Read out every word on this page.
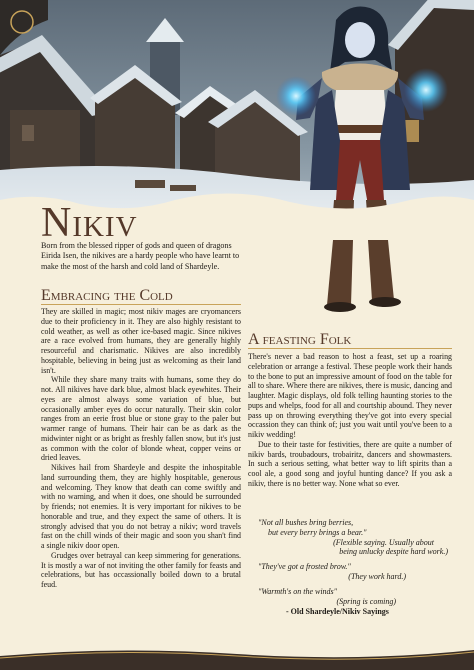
Nikiv

Born from the blessed ripper of gods and queen of dragons Eirida Isen, the nikives are a hardy people who have learnt to make the most of the harsh and cold land of Shardeyle.

Embracing the Cold

They are skilled in magic; most nikiv mages are cryomancers due to their proficiency in it. They are also highly resistant to cold weather, as well as other ice-based magic. Since nikives are a race evolved from humans, they are generally highly resourceful and charismatic. Nikives are also incredibly hospitable, believing in being just as welcoming as their land isn't.

While they share many traits with humans, some they do not. All nikives have dark blue, almost black eyewhites. Their eyes are almost always some variation of blue, but occasionally amber eyes do occur naturally. Their skin color ranges from an eerie frost blue or stone gray to the paler but warmer range of humans. Their hair can be as dark as the midwinter night or as bright as freshly fallen snow, but it's just as common with the color of blonde wheat, copper veins or dried leaves.

Nikives hail from Shardeyle and despite the inhospitable land surrounding them, they are highly hospitable, generous and welcoming. They know that death can come swiftly and with no warning, and when it does, one should be surrounded by friends; not enemies. It is very important for nikives to be honorable and true, and they expect the same of others. It is strongly advised that you do not betray a nikiv; word travels fast on the chill winds of their magic and soon you shan't find a single nikiv door open.

Grudges over betrayal can keep simmering for generations. It is mostly a war of not inviting the other family for feasts and celebrations, but has occassionally boiled down to a brutal feud.

A feasting Folk

There's never a bad reason to host a feast, set up a roaring celebration or arrange a festival. These people work their hands to the bone to put an impressive amount of food on the table for all to share. Where there are nikives, there is music, dancing and laughter. Magic displays, old folk telling haunting stories to the pups and whelps, food for all and courtship abound. They never pass up on throwing everything they've got into every special occassion they can think of; just you wait until you've been to a nikiv wedding!

Due to their taste for festivities, there are quite a number of nikiv bards, troubadours, trobairitz, dancers and showmasters. In such a serious setting, what better way to lift spirits than a cool ale, a good song and joyful hunting dance? If you ask a nikiv, there is no better way. None what so ever.

"Not all bushes bring berries,
but every berry brings a bear."
(Flexible saying. Usually about
being unlucky despite hard work.)
"They've got a frosted brow."
(They work hard.)
"Warmth's on the winds"
(Spring is coming)
- Old Shardeyle/Nikiv Sayings
